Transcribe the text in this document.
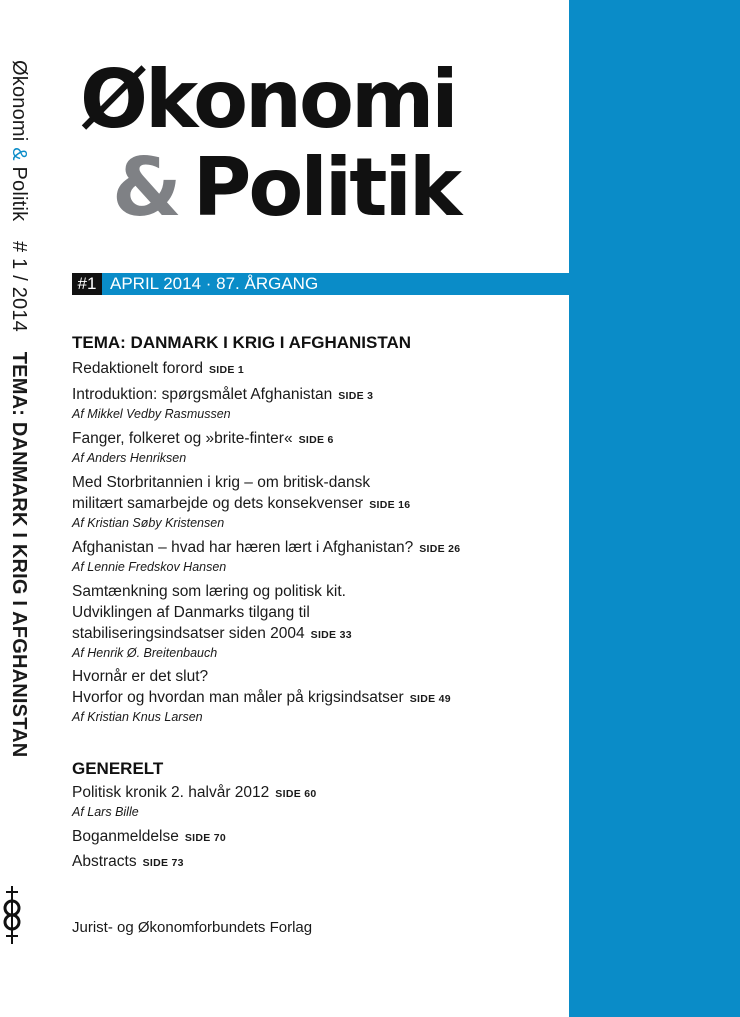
Økonomi & Politik # 1 / 2014 TEMA: DANMARK I KRIG I AFGHANISTAN
Økonomi
& Politik
#1 APRIL 2014 · 87. ÅRGANG
TEMA: DANMARK I KRIG I AFGHANISTAN
Redaktionelt forord SIDE 1
Introduktion: spørgsmålet Afghanistan SIDE 3
Af Mikkel Vedby Rasmussen
Fanger, folkeret og »brite-finter« SIDE 6
Af Anders Henriksen
Med Storbritannien i krig – om britisk-dansk
militært samarbejde og dets konsekvenser SIDE 16
Af Kristian Søby Kristensen
Afghanistan – hvad har hæren lært i Afghanistan? SIDE 26
Af Lennie Fredskov Hansen
Samtænkning som læring og politisk kit.
Udviklingen af Danmarks tilgang til
stabiliseringsindsatser siden 2004 SIDE 33
Af Henrik Ø. Breitenbauch
Hvornår er det slut?
Hvorfor og hvordan man måler på krigsindsatser SIDE 49
Af Kristian Knus Larsen
GENERELT
Politisk kronik 2. halvår 2012 SIDE 60
Af Lars Bille
Boganmeldelse SIDE 70
Abstracts SIDE 73
Jurist- og Økonomforbundets Forlag
